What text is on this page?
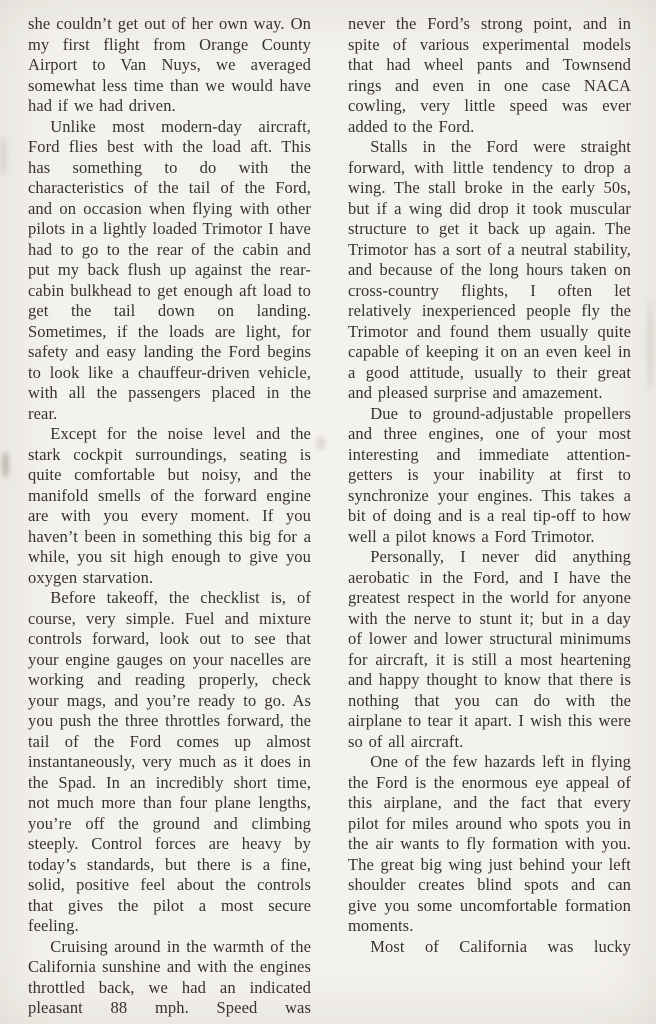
she couldn’t get out of her own way. On my first flight from Orange County Airport to Van Nuys, we averaged somewhat less time than we would have had if we had driven.

Unlike most modern-day aircraft, Ford flies best with the load aft. This has something to do with the characteristics of the tail of the Ford, and on occasion when flying with other pilots in a lightly loaded Trimotor I have had to go to the rear of the cabin and put my back flush up against the rear-cabin bulkhead to get enough aft load to get the tail down on landing. Sometimes, if the loads are light, for safety and easy landing the Ford begins to look like a chauffeur-driven vehicle, with all the passengers placed in the rear.

Except for the noise level and the stark cockpit surroundings, seating is quite comfortable but noisy, and the manifold smells of the forward engine are with you every moment. If you haven’t been in something this big for a while, you sit high enough to give you oxygen starvation.

Before takeoff, the checklist is, of course, very simple. Fuel and mixture controls forward, look out to see that your engine gauges on your nacelles are working and reading properly, check your mags, and you’re ready to go. As you push the three throttles forward, the tail of the Ford comes up almost instantaneously, very much as it does in the Spad. In an incredibly short time, not much more than four plane lengths, you’re off the ground and climbing steeply. Control forces are heavy by today’s standards, but there is a fine, solid, positive feel about the controls that gives the pilot a most secure feeling.

Cruising around in the warmth of the California sunshine and with the engines throttled back, we had an indicated pleasant 88 mph. Speed was

never the Ford’s strong point, and in spite of various experimental models that had wheel pants and Townsend rings and even in one case NACA cowling, very little speed was ever added to the Ford.

Stalls in the Ford were straight forward, with little tendency to drop a wing. The stall broke in the early 50s, but if a wing did drop it took muscular structure to get it back up again. The Trimotor has a sort of a neutral stability, and because of the long hours taken on cross-country flights, I often let relatively inexperienced people fly the Trimotor and found them usually quite capable of keeping it on an even keel in a good attitude, usually to their great and pleased surprise and amazement.

Due to ground-adjustable propellers and three engines, one of your most interesting and immediate attention-getters is your inability at first to synchronize your engines. This takes a bit of doing and is a real tip-off to how well a pilot knows a Ford Trimotor.

Personally, I never did anything aerobatic in the Ford, and I have the greatest respect in the world for anyone with the nerve to stunt it; but in a day of lower and lower structural minimums for aircraft, it is still a most heartening and happy thought to know that there is nothing that you can do with the airplane to tear it apart. I wish this were so of all aircraft.

One of the few hazards left in flying the Ford is the enormous eye appeal of this airplane, and the fact that every pilot for miles around who spots you in the air wants to fly formation with you. The great big wing just behind your left shoulder creates blind spots and can give you some uncomfortable formation moments.

Most of California was lucky
